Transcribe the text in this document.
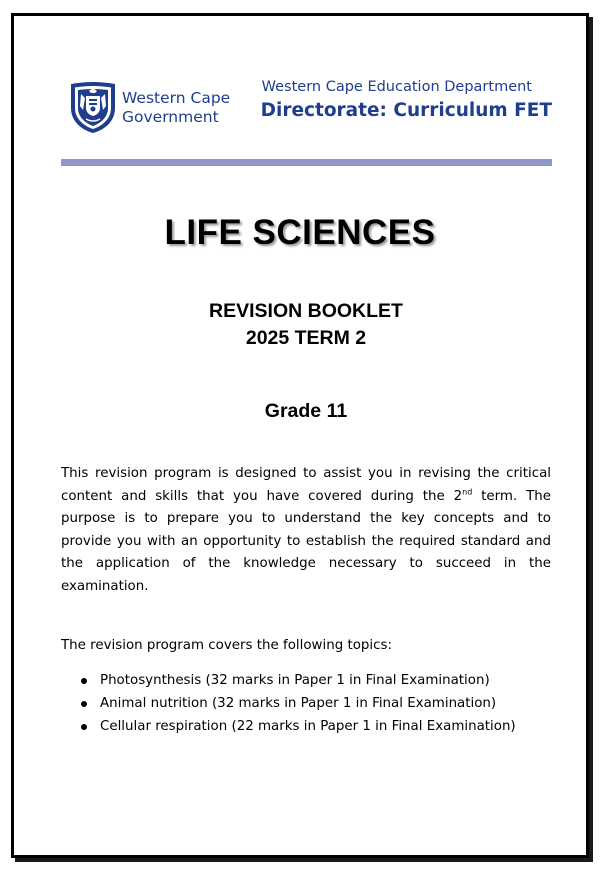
Western Cape
Government
Western Cape Education Department
Directorate: Curriculum FET
LIFE SCIENCES
REVISION BOOKLET
2025 TERM 2
Grade 11

This revision program is designed to assist you in revising the critical content and skills that you have covered during the 2nd term. The purpose is to prepare you to understand the key concepts and to provide you with an opportunity to establish the required standard and the application of the knowledge necessary to succeed in the examination.

The revision program covers the following topics:

Photosynthesis (32 marks in Paper 1 in Final Examination)
Animal nutrition (32 marks in Paper 1 in Final Examination)
Cellular respiration (22 marks in Paper 1 in Final Examination)
